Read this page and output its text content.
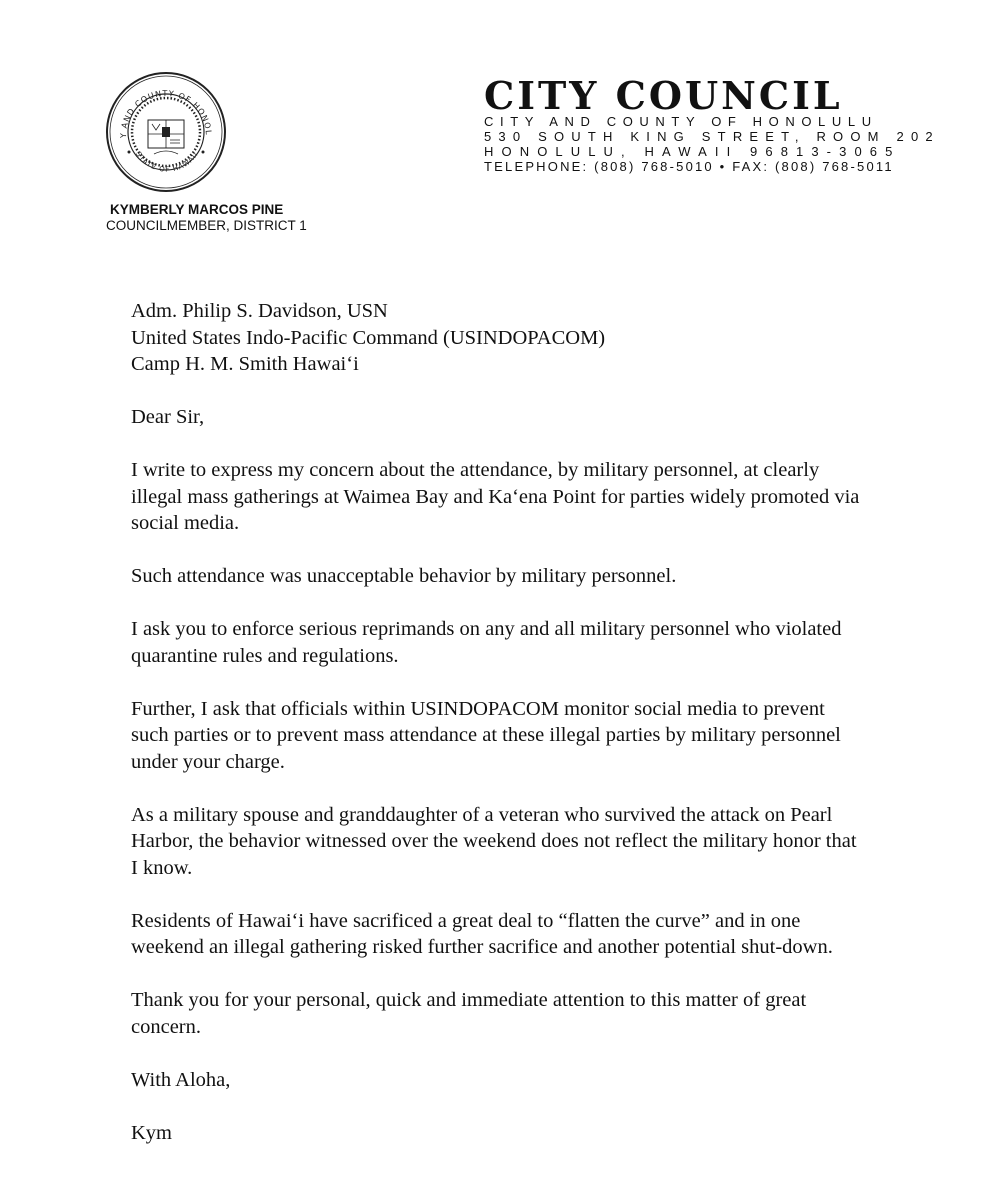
Y AND COUNTY OF HONOL
STATE OF HAWAII
CITY COUNCIL
CITY AND COUNTY OF HONOLULU
530 SOUTH KING STREET, ROOM 202
HONOLULU, HAWAII 96813-3065
TELEPHONE: (808) 768-5010 • FAX: (808) 768-5011
KYMBERLY MARCOS PINE
COUNCILMEMBER, DISTRICT 1

Adm. Philip S. Davidson, USN

United States Indo-Pacific Command (USINDOPACOM)

Camp H. M. Smith Hawai‘i

Dear Sir,

I write to express my concern about the attendance, by military personnel, at clearly illegal mass gatherings at Waimea Bay and Ka‘ena Point for parties widely promoted via social media.

Such attendance was unacceptable behavior by military personnel.

I ask you to enforce serious reprimands on any and all military personnel who violated quarantine rules and regulations.

Further, I ask that officials within USINDOPACOM monitor social media to prevent such parties or to prevent mass attendance at these illegal parties by military personnel under your charge.

As a military spouse and granddaughter of a veteran who survived the attack on Pearl Harbor, the behavior witnessed over the weekend does not reflect the military honor that I know.

Residents of Hawai‘i have sacrificed a great deal to “flatten the curve” and in one weekend an illegal gathering risked further sacrifice and another potential shut-down.

Thank you for your personal, quick and immediate attention to this matter of great concern.

With Aloha,

Kym
